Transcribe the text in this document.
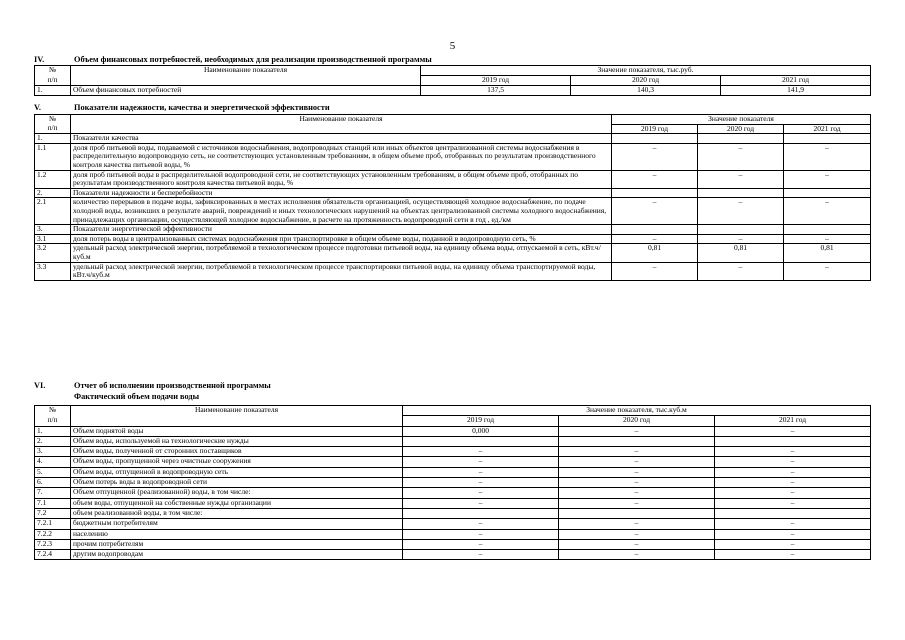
5
IV.	Объем финансовых потребностей, необходимых для реализации производственной программы
№	Наименование показателя	Значение показателя, тыс.руб.		
п/п		2019 год	2020 год	2021 год
1.	Объем финансовых потребностей	137,5	140,3	141,9
V.	Показатели надежности, качества и энергетической эффективности
№	Наименование показателя	Значение показателя		
п/п		2019 год	2020 год	2021 год
1.	Показатели качества			
1.1	доля проб питьевой воды, подаваемой с источников водоснабжения, водопроводных станций или иных объектов централизованной системы водоснабжения в распределительную водопроводную сеть, не соответствующих установленным требованиям, в общем объеме проб, отобранных по результатам производственного контроля качества питьевой воды, %	–	–	–
1.2	доля проб питьевой воды в распределительной водопроводной сети, не соответствующих установленным требованиям, в общем объеме проб, отобранных по результатам производственного контроля качества питьевой воды, %	–	–	–
2.	Показатели надежности и бесперебойности			
2.1	количество перерывов в подаче воды, зафиксированных в местах исполнения обязательств организацией, осуществляющей холодное водоснабжение, по подаче холодной воды, возникших в результате аварий, повреждений и иных технологических нарушений на объектах централизованной системы холодного водоснабжения, принадлежащих организации, осуществляющей холодное водоснабжение, в расчете на протяженность водопроводной сети в год , ед./км	–	–	–
3.	Показатели энергетической эффективности			
3.1	доля потерь воды в централизованных системах водоснабжения при транспортировке в общем объеме воды, поданной в водопроводную сеть, %	–	–	–
3.2	удельный расход электрической энергии, потребляемой в технологическом процессе подготовки питьевой воды, на единицу объема воды, отпускаемой в сеть, кВт.ч/куб.м	0,81	0,81	0,81
3.3	удельный расход электрической энергии, потребляемой в технологическом процессе транспортировки питьевой воды, на единицу объема транспортируемой воды, кВт.ч/куб.м	–	–	–
VI.	Отчет об исполнении производственной программы
Фактический объем подачи воды
№	Наименование показателя	Значение показателя, тыс.куб.м		
п/п		2019 год	2020 год	2021 год
1.	Объем поднятой воды	0,000	–	–
2.	Объем воды, используемой на технологические нужды			
3.	Объем воды, полученной от сторонних поставщиков	–	–	–
4.	Объем воды, пропущенной через очистные сооружения	–	–	–
5.	Объем воды, отпущенной в водопроводную сеть	–	–	–
6.	Объем потерь воды в водопроводной сети	–	–	–
7.	Объем отпущенной (реализованной) воды, в том числе:	–	–	–
7.1	объем воды, отпущенной на собственные нужды организации	–	–	–
7.2	объем реализованной воды, в том числе:			
7.2.1	бюджетным потребителям	–	–	–
7.2.2	населению	–	–	–
7.2.3	прочим потребителям	–	–	–
7.2.4	другим водопроводам	–	–	–
